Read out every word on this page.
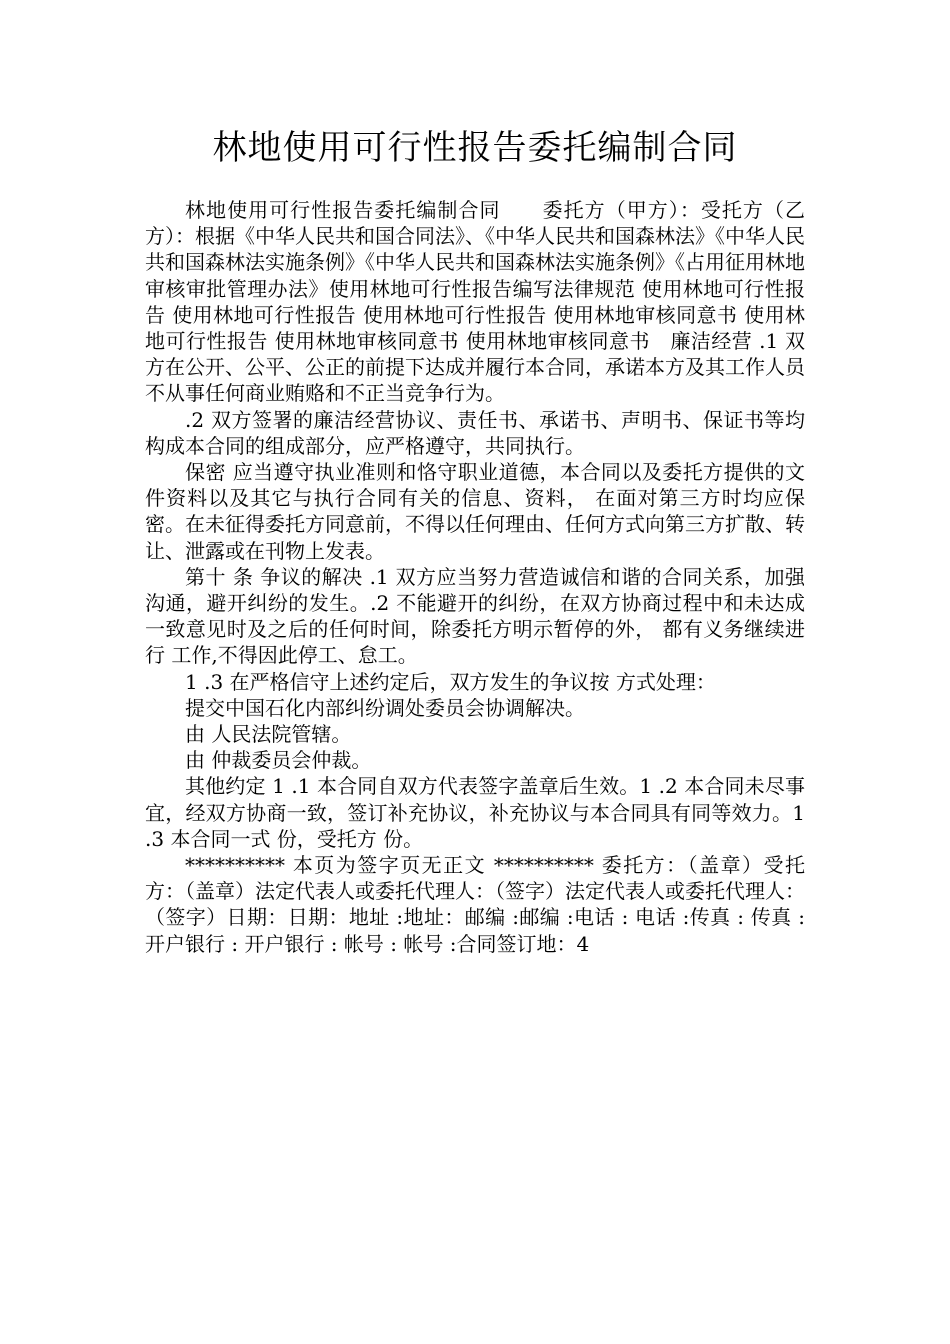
林地使用可行性报告委托编制合同

林地使用可行性报告委托编制合同　　委托方（甲方）：受托方（乙方）：根据《中华人民共和国合同法》、《中华人民共和国森林法》《中华人民共和国森林法实施条例》《中华人民共和国森林法实施条例》《占用征用林地审核审批管理办法》使用林地可行性报告编写法律规范 使用林地可行性报告 使用林地可行性报告 使用林地可行性报告 使用林地审核同意书 使用林地可行性报告 使用林地审核同意书 使用林地审核同意书　廉洁经营 .1 双方在公开、公平、公正的前提下达成并履行本合同，承诺本方及其工作人员不从事任何商业贿赂和不正当竞争行为。

.2 双方签署的廉洁经营协议、责任书、承诺书、声明书、保证书等均构成本合同的组成部分，应严格遵守，共同执行。

保密 应当遵守执业准则和恪守职业道德，本合同以及委托方提供的文件资料以及其它与执行合同有关的信息、资料， 在面对第三方时均应保密。在未征得委托方同意前，不得以任何理由、任何方式向第三方扩散、转让、泄露或在刊物上发表。

第十 条 争议的解决 .1 双方应当努力营造诚信和谐的合同关系，加强沟通，避开纠纷的发生。.2 不能避开的纠纷，在双方协商过程中和未达成一致意见时及之后的任何时间，除委托方明示暂停的外， 都有义务继续进行 工作,不得因此停工、怠工。

1 .3 在严格信守上述约定后，双方发生的争议按 方式处理：

提交中国石化内部纠纷调处委员会协调解决。

由 人民法院管辖。

由 仲裁委员会仲裁。

其他约定 1 .1 本合同自双方代表签字盖章后生效。1 .2 本合同未尽事宜，经双方协商一致，签订补充协议，补充协议与本合同具有同等效力。1 .3 本合同一式 份，受托方 份。

********** 本页为签字页无正文 ********** 委托方：（盖章）受托方：（盖章）法定代表人或委托代理人：（签字）法定代表人或委托代理人：（签字）日期：日期：地址 :地址：邮编 :邮编 :电话 : 电话 :传真 : 传真 :开户银行 : 开户银行 : 帐号 : 帐号 :合同签订地：4
